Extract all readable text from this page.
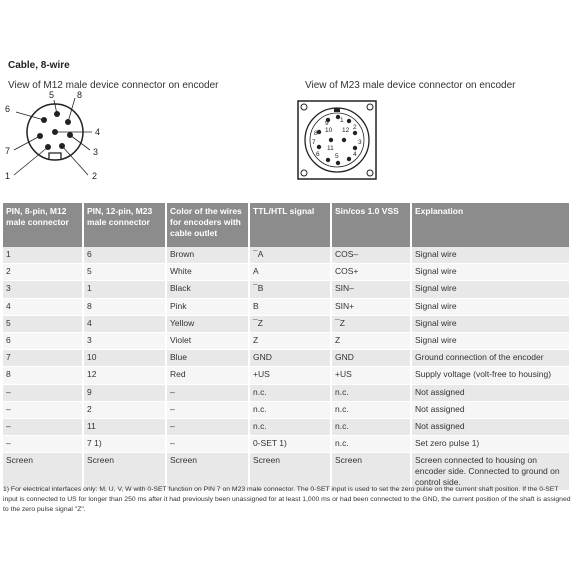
Cable, 8-wire
View of M12 male device connector on encoder	View of M23 male device connector on encoder
6
5	8
4
3
2
1
7
9 1
8 10 12 2
7	3
11
6	4
5
PIN, 8-pin, M12 male connector	PIN, 12-pin, M23 male connector	Color of the wires for encoders with cable outlet	TTL/HTL signal	Sin/cos 1.0 VSS	Explanation
1	6	Brown	¯A	COS–	Signal wire
2	5	White	A	COS+	Signal wire
3	1	Black	¯B	SIN–	Signal wire
4	8	Pink	B	SIN+	Signal wire
5	4	Yellow	¯Z	¯Z	Signal wire
6	3	Violet	Z	Z	Signal wire
7	10	Blue	GND	GND	Ground connection of the encoder
8	12	Red	+US	+US	Supply voltage (volt-free to housing)
–	9	–	n.c.	n.c.	Not assigned
–	2	–	n.c.	n.c.	Not assigned
–	11	–	n.c.	n.c.	Not assigned
–	7 1)	–	0-SET 1)	n.c.	Set zero pulse 1)
Screen	Screen	Screen	Screen	Screen	Screen connected to housing on encoder side. Connected to ground on control side.
1) For electrical interfaces only: M, U, V, W with 0-SET function on PIN 7 on M23 male connector. The 0-SET input is used to set the zero pulse on the current shaft position. If the 0-SET input is connected to US for longer than 250 ms after it had previously been unassigned for at least 1,000 ms or had been connected to the GND, the current position of the shaft is assigned to the zero pulse signal "Z".
